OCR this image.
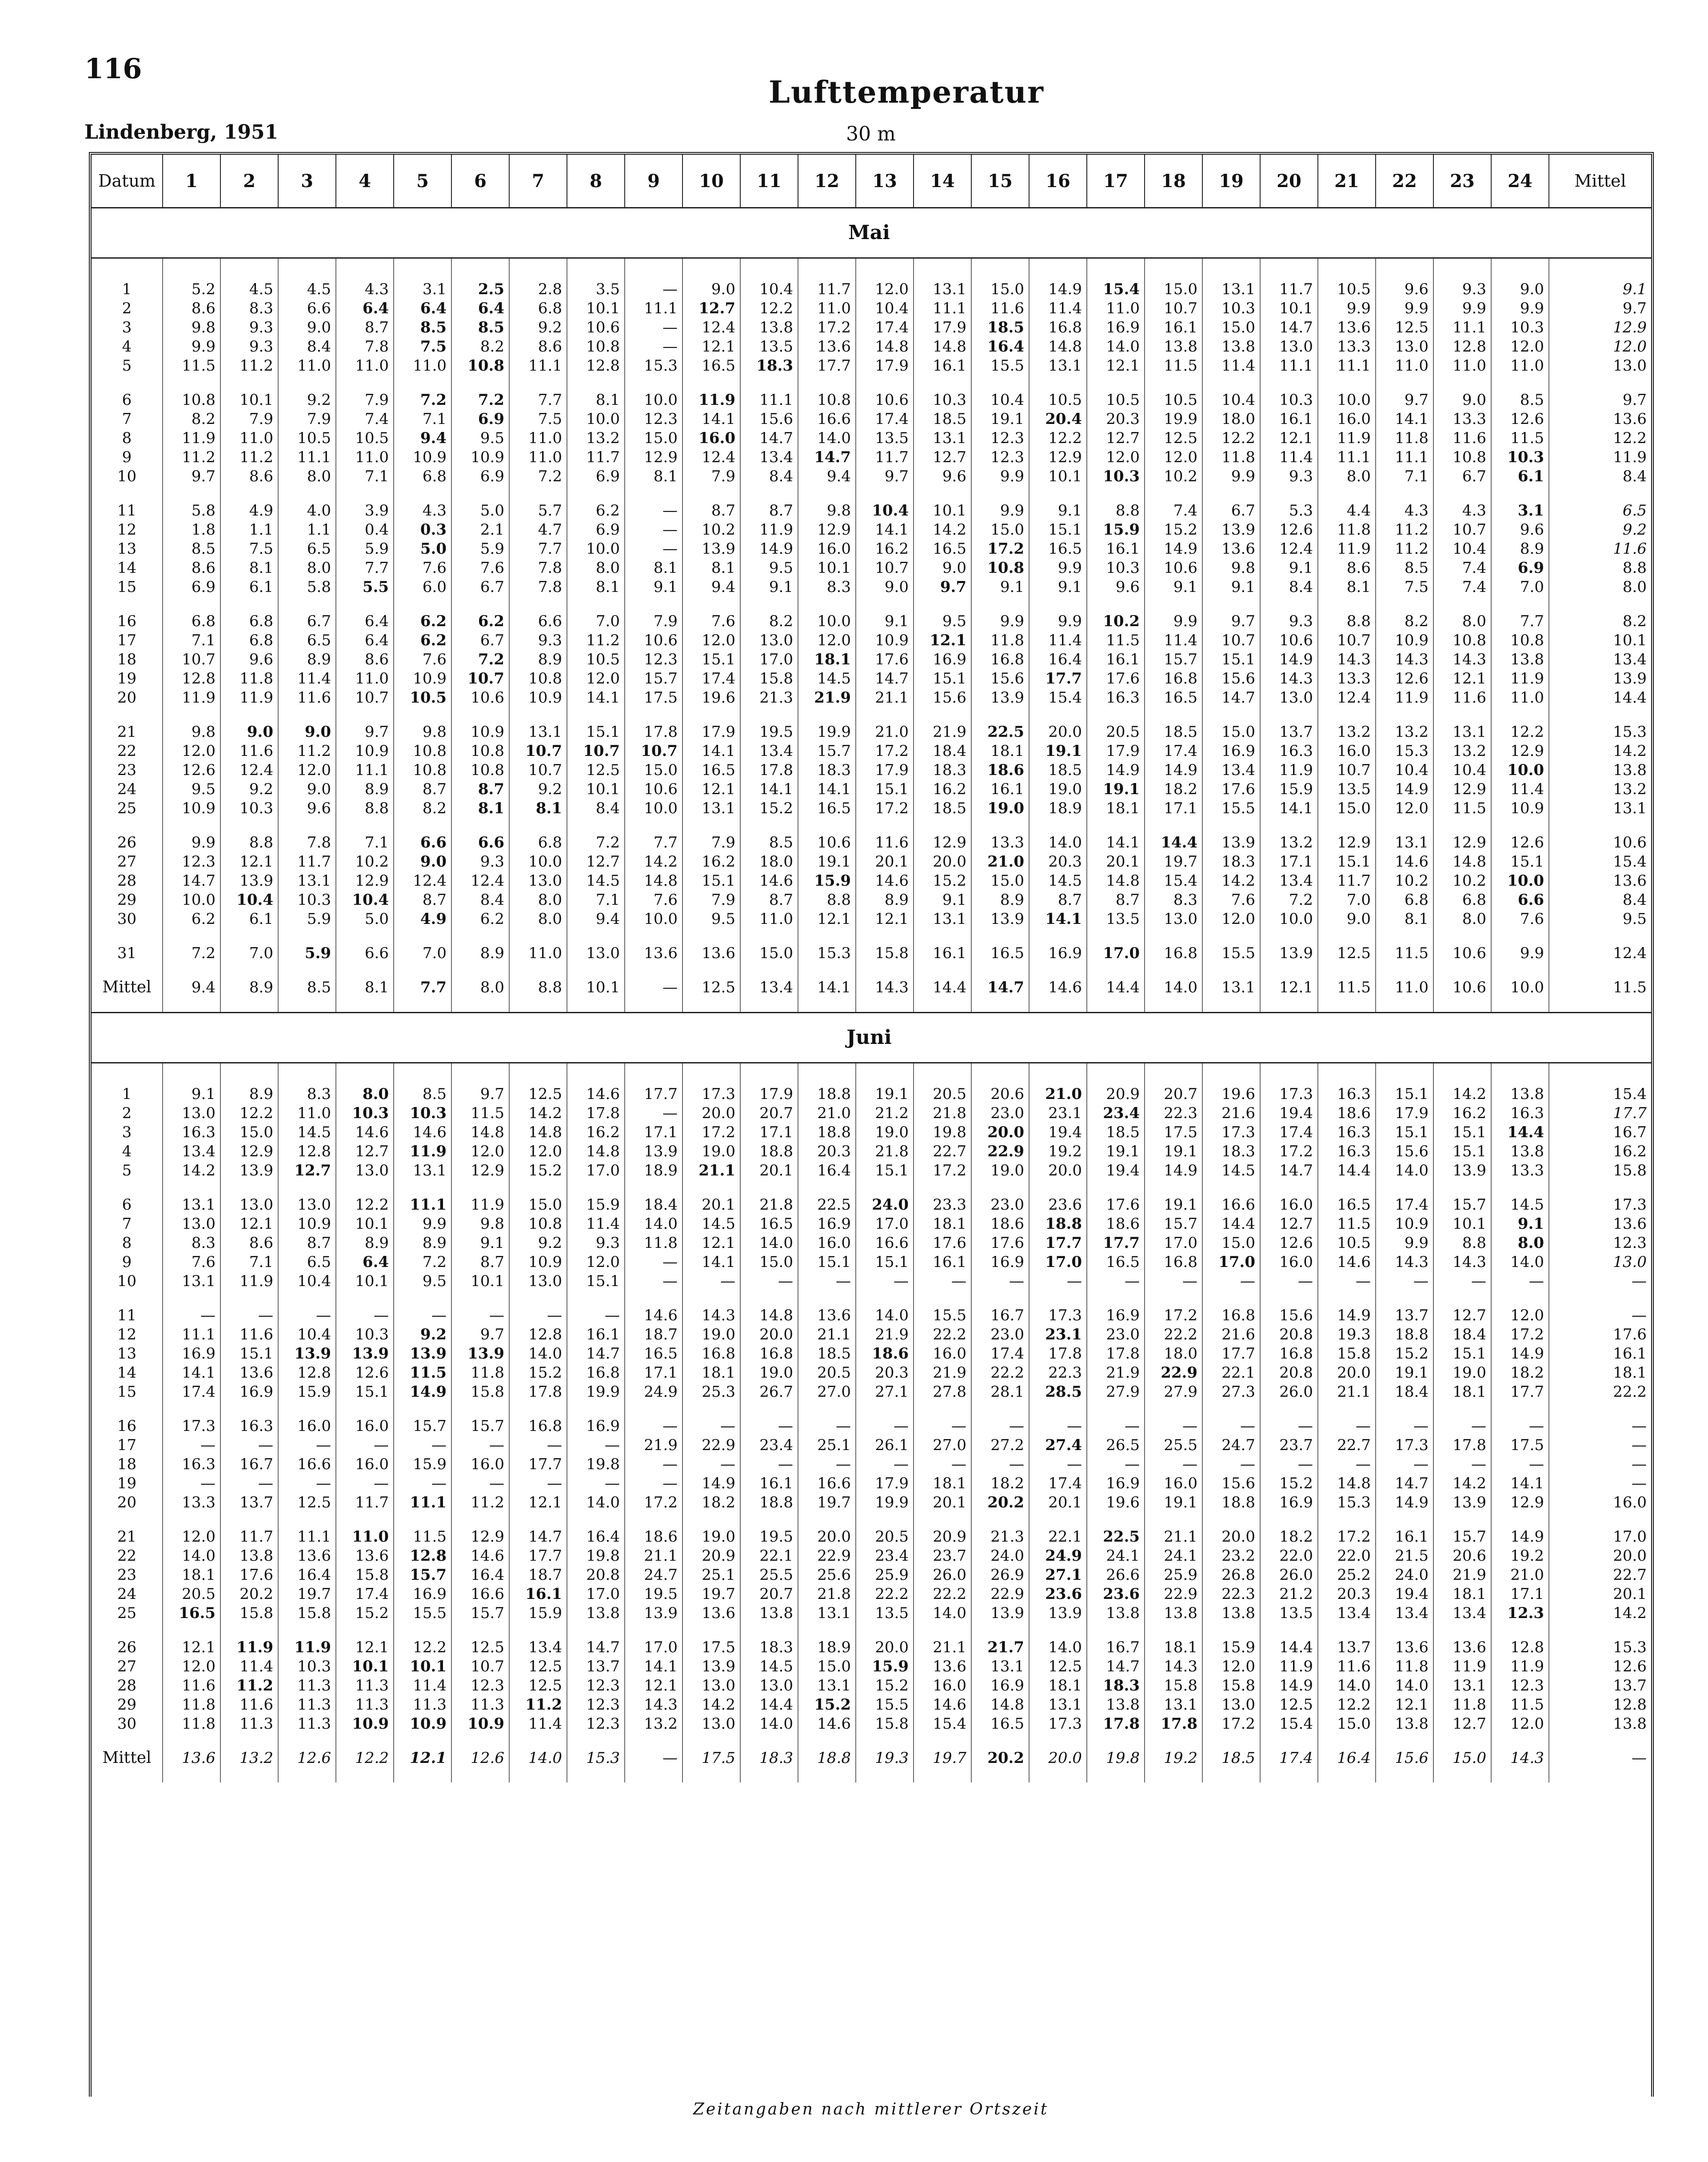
116
Lufttemperatur
Lindenberg, 1951	30 m
Datum	1	2	3	4	5	6	7	8	9	10	11	12	13	14	15	16	17	18	19	20	21	22	23	24	Mittel
Mai																									

1	5.2	4.5	4.5	4.3	3.1	2.5	2.8	3.5	—	9.0	10.4	11.7	12.0	13.1	15.0	14.9	15.4	15.0	13.1	11.7	10.5	9.6	9.3	9.0	9.1
2	8.6	8.3	6.6	6.4	6.4	6.4	6.8	10.1	11.1	12.7	12.2	11.0	10.4	11.1	11.6	11.4	11.0	10.7	10.3	10.1	9.9	9.9	9.9	9.9	9.7
3	9.8	9.3	9.0	8.7	8.5	8.5	9.2	10.6	—	12.4	13.8	17.2	17.4	17.9	18.5	16.8	16.9	16.1	15.0	14.7	13.6	12.5	11.1	10.3	12.9
4	9.9	9.3	8.4	7.8	7.5	8.2	8.6	10.8	—	12.1	13.5	13.6	14.8	14.8	16.4	14.8	14.0	13.8	13.8	13.0	13.3	13.0	12.8	12.0	12.0
5	11.5	11.2	11.0	11.0	11.0	10.8	11.1	12.8	15.3	16.5	18.3	17.7	17.9	16.1	15.5	13.1	12.1	11.5	11.4	11.1	11.1	11.0	11.0	11.0	13.0

6	10.8	10.1	9.2	7.9	7.2	7.2	7.7	8.1	10.0	11.9	11.1	10.8	10.6	10.3	10.4	10.5	10.5	10.5	10.4	10.3	10.0	9.7	9.0	8.5	9.7
7	8.2	7.9	7.9	7.4	7.1	6.9	7.5	10.0	12.3	14.1	15.6	16.6	17.4	18.5	19.1	20.4	20.3	19.9	18.0	16.1	16.0	14.1	13.3	12.6	13.6
8	11.9	11.0	10.5	10.5	9.4	9.5	11.0	13.2	15.0	16.0	14.7	14.0	13.5	13.1	12.3	12.2	12.7	12.5	12.2	12.1	11.9	11.8	11.6	11.5	12.2
9	11.2	11.2	11.1	11.0	10.9	10.9	11.0	11.7	12.9	12.4	13.4	14.7	11.7	12.7	12.3	12.9	12.0	12.0	11.8	11.4	11.1	11.1	10.8	10.3	11.9
10	9.7	8.6	8.0	7.1	6.8	6.9	7.2	6.9	8.1	7.9	8.4	9.4	9.7	9.6	9.9	10.1	10.3	10.2	9.9	9.3	8.0	7.1	6.7	6.1	8.4

11	5.8	4.9	4.0	3.9	4.3	5.0	5.7	6.2	—	8.7	8.7	9.8	10.4	10.1	9.9	9.1	8.8	7.4	6.7	5.3	4.4	4.3	4.3	3.1	6.5
12	1.8	1.1	1.1	0.4	0.3	2.1	4.7	6.9	—	10.2	11.9	12.9	14.1	14.2	15.0	15.1	15.9	15.2	13.9	12.6	11.8	11.2	10.7	9.6	9.2
13	8.5	7.5	6.5	5.9	5.0	5.9	7.7	10.0	—	13.9	14.9	16.0	16.2	16.5	17.2	16.5	16.1	14.9	13.6	12.4	11.9	11.2	10.4	8.9	11.6
14	8.6	8.1	8.0	7.7	7.6	7.6	7.8	8.0	8.1	8.1	9.5	10.1	10.7	9.0	10.8	9.9	10.3	10.6	9.8	9.1	8.6	8.5	7.4	6.9	8.8
15	6.9	6.1	5.8	5.5	6.0	6.7	7.8	8.1	9.1	9.4	9.1	8.3	9.0	9.7	9.1	9.1	9.6	9.1	9.1	8.4	8.1	7.5	7.4	7.0	8.0

16	6.8	6.8	6.7	6.4	6.2	6.2	6.6	7.0	7.9	7.6	8.2	10.0	9.1	9.5	9.9	9.9	10.2	9.9	9.7	9.3	8.8	8.2	8.0	7.7	8.2
17	7.1	6.8	6.5	6.4	6.2	6.7	9.3	11.2	10.6	12.0	13.0	12.0	10.9	12.1	11.8	11.4	11.5	11.4	10.7	10.6	10.7	10.9	10.8	10.8	10.1
18	10.7	9.6	8.9	8.6	7.6	7.2	8.9	10.5	12.3	15.1	17.0	18.1	17.6	16.9	16.8	16.4	16.1	15.7	15.1	14.9	14.3	14.3	14.3	13.8	13.4
19	12.8	11.8	11.4	11.0	10.9	10.7	10.8	12.0	15.7	17.4	15.8	14.5	14.7	15.1	15.6	17.7	17.6	16.8	15.6	14.3	13.3	12.6	12.1	11.9	13.9
20	11.9	11.9	11.6	10.7	10.5	10.6	10.9	14.1	17.5	19.6	21.3	21.9	21.1	15.6	13.9	15.4	16.3	16.5	14.7	13.0	12.4	11.9	11.6	11.0	14.4

21	9.8	9.0	9.0	9.7	9.8	10.9	13.1	15.1	17.8	17.9	19.5	19.9	21.0	21.9	22.5	20.0	20.5	18.5	15.0	13.7	13.2	13.2	13.1	12.2	15.3
22	12.0	11.6	11.2	10.9	10.8	10.8	10.7	10.7	10.7	14.1	13.4	15.7	17.2	18.4	18.1	19.1	17.9	17.4	16.9	16.3	16.0	15.3	13.2	12.9	14.2
23	12.6	12.4	12.0	11.1	10.8	10.8	10.7	12.5	15.0	16.5	17.8	18.3	17.9	18.3	18.6	18.5	14.9	14.9	13.4	11.9	10.7	10.4	10.4	10.0	13.8
24	9.5	9.2	9.0	8.9	8.7	8.7	9.2	10.1	10.6	12.1	14.1	14.1	15.1	16.2	16.1	19.0	19.1	18.2	17.6	15.9	13.5	14.9	12.9	11.4	13.2
25	10.9	10.3	9.6	8.8	8.2	8.1	8.1	8.4	10.0	13.1	15.2	16.5	17.2	18.5	19.0	18.9	18.1	17.1	15.5	14.1	15.0	12.0	11.5	10.9	13.1

26	9.9	8.8	7.8	7.1	6.6	6.6	6.8	7.2	7.7	7.9	8.5	10.6	11.6	12.9	13.3	14.0	14.1	14.4	13.9	13.2	12.9	13.1	12.9	12.6	10.6
27	12.3	12.1	11.7	10.2	9.0	9.3	10.0	12.7	14.2	16.2	18.0	19.1	20.1	20.0	21.0	20.3	20.1	19.7	18.3	17.1	15.1	14.6	14.8	15.1	15.4
28	14.7	13.9	13.1	12.9	12.4	12.4	13.0	14.5	14.8	15.1	14.6	15.9	14.6	15.2	15.0	14.5	14.8	15.4	14.2	13.4	11.7	10.2	10.2	10.0	13.6
29	10.0	10.4	10.3	10.4	8.7	8.4	8.0	7.1	7.6	7.9	8.7	8.8	8.9	9.1	8.9	8.7	8.7	8.3	7.6	7.2	7.0	6.8	6.8	6.6	8.4
30	6.2	6.1	5.9	5.0	4.9	6.2	8.0	9.4	10.0	9.5	11.0	12.1	12.1	13.1	13.9	14.1	13.5	13.0	12.0	10.0	9.0	8.1	8.0	7.6	9.5

31	7.2	7.0	5.9	6.6	7.0	8.9	11.0	13.0	13.6	13.6	15.0	15.3	15.8	16.1	16.5	16.9	17.0	16.8	15.5	13.9	12.5	11.5	10.6	9.9	12.4
Mittel	9.4	8.9	8.5	8.1	7.7	8.0	8.8	10.1	—	12.5	13.4	14.1	14.3	14.4	14.7	14.6	14.4	14.0	13.1	12.1	11.5	11.0	10.6	10.0	11.5
Juni																									

1	9.1	8.9	8.3	8.0	8.5	9.7	12.5	14.6	17.7	17.3	17.9	18.8	19.1	20.5	20.6	21.0	20.9	20.7	19.6	17.3	16.3	15.1	14.2	13.8	15.4
2	13.0	12.2	11.0	10.3	10.3	11.5	14.2	17.8	—	20.0	20.7	21.0	21.2	21.8	23.0	23.1	23.4	22.3	21.6	19.4	18.6	17.9	16.2	16.3	17.7
3	16.3	15.0	14.5	14.6	14.6	14.8	14.8	16.2	17.1	17.2	17.1	18.8	19.0	19.8	20.0	19.4	18.5	17.5	17.3	17.4	16.3	15.1	15.1	14.4	16.7
4	13.4	12.9	12.8	12.7	11.9	12.0	12.0	14.8	13.9	19.0	18.8	20.3	21.8	22.7	22.9	19.2	19.1	19.1	18.3	17.2	16.3	15.6	15.1	13.8	16.2
5	14.2	13.9	12.7	13.0	13.1	12.9	15.2	17.0	18.9	21.1	20.1	16.4	15.1	17.2	19.0	20.0	19.4	14.9	14.5	14.7	14.4	14.0	13.9	13.3	15.8

6	13.1	13.0	13.0	12.2	11.1	11.9	15.0	15.9	18.4	20.1	21.8	22.5	24.0	23.3	23.0	23.6	17.6	19.1	16.6	16.0	16.5	17.4	15.7	14.5	17.3
7	13.0	12.1	10.9	10.1	9.9	9.8	10.8	11.4	14.0	14.5	16.5	16.9	17.0	18.1	18.6	18.8	18.6	15.7	14.4	12.7	11.5	10.9	10.1	9.1	13.6
8	8.3	8.6	8.7	8.9	8.9	9.1	9.2	9.3	11.8	12.1	14.0	16.0	16.6	17.6	17.6	17.7	17.7	17.0	15.0	12.6	10.5	9.9	8.8	8.0	12.3
9	7.6	7.1	6.5	6.4	7.2	8.7	10.9	12.0	—	14.1	15.0	15.1	15.1	16.1	16.9	17.0	16.5	16.8	17.0	16.0	14.6	14.3	14.3	14.0	13.0
10	13.1	11.9	10.4	10.1	9.5	10.1	13.0	15.1	—	—	—	—	—	—	—	—	—	—	—	—	—	—	—	—	—

11	—	—	—	—	—	—	—	—	14.6	14.3	14.8	13.6	14.0	15.5	16.7	17.3	16.9	17.2	16.8	15.6	14.9	13.7	12.7	12.0	—
12	11.1	11.6	10.4	10.3	9.2	9.7	12.8	16.1	18.7	19.0	20.0	21.1	21.9	22.2	23.0	23.1	23.0	22.2	21.6	20.8	19.3	18.8	18.4	17.2	17.6
13	16.9	15.1	13.9	13.9	13.9	13.9	14.0	14.7	16.5	16.8	16.8	18.5	18.6	16.0	17.4	17.8	17.8	18.0	17.7	16.8	15.8	15.2	15.1	14.9	16.1
14	14.1	13.6	12.8	12.6	11.5	11.8	15.2	16.8	17.1	18.1	19.0	20.5	20.3	21.9	22.2	22.3	21.9	22.9	22.1	20.8	20.0	19.1	19.0	18.2	18.1
15	17.4	16.9	15.9	15.1	14.9	15.8	17.8	19.9	24.9	25.3	26.7	27.0	27.1	27.8	28.1	28.5	27.9	27.9	27.3	26.0	21.1	18.4	18.1	17.7	22.2

16	17.3	16.3	16.0	16.0	15.7	15.7	16.8	16.9	—	—	—	—	—	—	—	—	—	—	—	—	—	—	—	—	—
17	—	—	—	—	—	—	—	—	21.9	22.9	23.4	25.1	26.1	27.0	27.2	27.4	26.5	25.5	24.7	23.7	22.7	17.3	17.8	17.5	—
18	16.3	16.7	16.6	16.0	15.9	16.0	17.7	19.8	—	—	—	—	—	—	—	—	—	—	—	—	—	—	—	—	—
19	—	—	—	—	—	—	—	—	—	14.9	16.1	16.6	17.9	18.1	18.2	17.4	16.9	16.0	15.6	15.2	14.8	14.7	14.2	14.1	—
20	13.3	13.7	12.5	11.7	11.1	11.2	12.1	14.0	17.2	18.2	18.8	19.7	19.9	20.1	20.2	20.1	19.6	19.1	18.8	16.9	15.3	14.9	13.9	12.9	16.0

21	12.0	11.7	11.1	11.0	11.5	12.9	14.7	16.4	18.6	19.0	19.5	20.0	20.5	20.9	21.3	22.1	22.5	21.1	20.0	18.2	17.2	16.1	15.7	14.9	17.0
22	14.0	13.8	13.6	13.6	12.8	14.6	17.7	19.8	21.1	20.9	22.1	22.9	23.4	23.7	24.0	24.9	24.1	24.1	23.2	22.0	22.0	21.5	20.6	19.2	20.0
23	18.1	17.6	16.4	15.8	15.7	16.4	18.7	20.8	24.7	25.1	25.5	25.6	25.9	26.0	26.9	27.1	26.6	25.9	26.8	26.0	25.2	24.0	21.9	21.0	22.7
24	20.5	20.2	19.7	17.4	16.9	16.6	16.1	17.0	19.5	19.7	20.7	21.8	22.2	22.2	22.9	23.6	23.6	22.9	22.3	21.2	20.3	19.4	18.1	17.1	20.1
25	16.5	15.8	15.8	15.2	15.5	15.7	15.9	13.8	13.9	13.6	13.8	13.1	13.5	14.0	13.9	13.9	13.8	13.8	13.8	13.5	13.4	13.4	13.4	12.3	14.2

26	12.1	11.9	11.9	12.1	12.2	12.5	13.4	14.7	17.0	17.5	18.3	18.9	20.0	21.1	21.7	14.0	16.7	18.1	15.9	14.4	13.7	13.6	13.6	12.8	15.3
27	12.0	11.4	10.3	10.1	10.1	10.7	12.5	13.7	14.1	13.9	14.5	15.0	15.9	13.6	13.1	12.5	14.7	14.3	12.0	11.9	11.6	11.8	11.9	11.9	12.6
28	11.6	11.2	11.3	11.3	11.4	12.3	12.5	12.3	12.1	13.0	13.0	13.1	15.2	16.0	16.9	18.1	18.3	15.8	15.8	14.9	14.0	14.0	13.1	12.3	13.7
29	11.8	11.6	11.3	11.3	11.3	11.3	11.2	12.3	14.3	14.2	14.4	15.2	15.5	14.6	14.8	13.1	13.8	13.1	13.0	12.5	12.2	12.1	11.8	11.5	12.8
30	11.8	11.3	11.3	10.9	10.9	10.9	11.4	12.3	13.2	13.0	14.0	14.6	15.8	15.4	16.5	17.3	17.8	17.8	17.2	15.4	15.0	13.8	12.7	12.0	13.8
Mittel	13.6	13.2	12.6	12.2	12.1	12.6	14.0	15.3	—	17.5	18.3	18.8	19.3	19.7	20.2	20.0	19.8	19.2	18.5	17.4	16.4	15.6	15.0	14.3	—
Zeitangaben nach mittlerer Ortszeit
